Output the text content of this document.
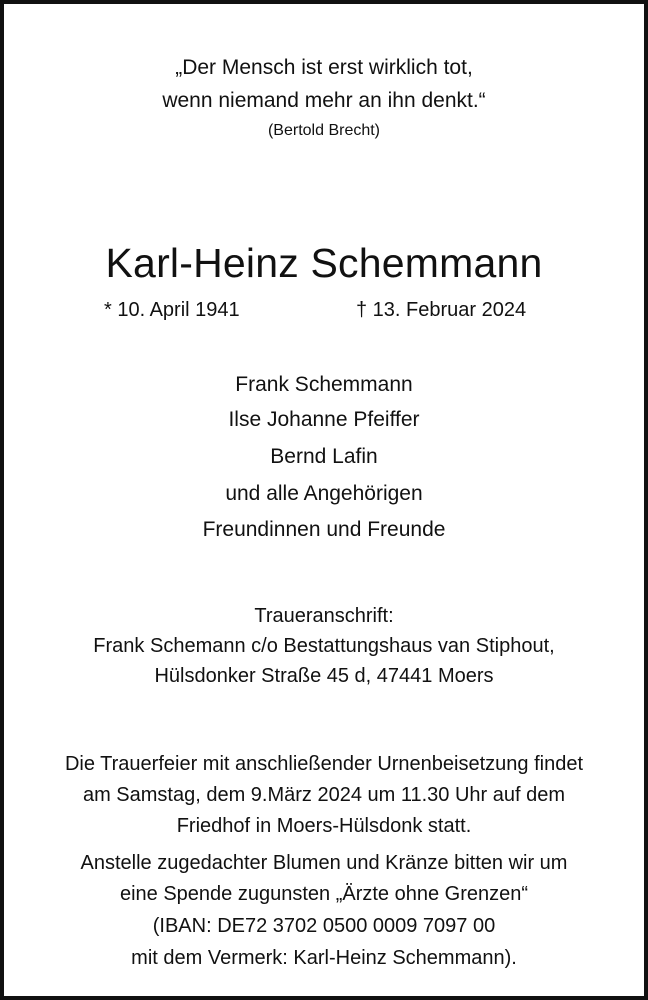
„Der Mensch ist erst wirklich tot,
wenn niemand mehr an ihn denkt.“
(Bertold Brecht)
Karl-Heinz Schemmann
* 10. April 1941	† 13. Februar 2024
Frank Schemmann
Ilse Johanne Pfeiffer
Bernd Lafin
und alle Angehörigen
Freundinnen und Freunde
Traueranschrift:
Frank Schemann c/o Bestattungshaus van Stiphout,
Hülsdonker Straße 45 d, 47441 Moers
Die Trauerfeier mit anschließender Urnenbeisetzung findet
am Samstag, dem 9.März 2024 um 11.30 Uhr auf dem
Friedhof in Moers-Hülsdonk statt.
Anstelle zugedachter Blumen und Kränze bitten wir um
eine Spende zugunsten „Ärzte ohne Grenzen“
(IBAN: DE72 3702 0500 0009 7097 00
mit dem Vermerk: Karl-Heinz Schemmann).
